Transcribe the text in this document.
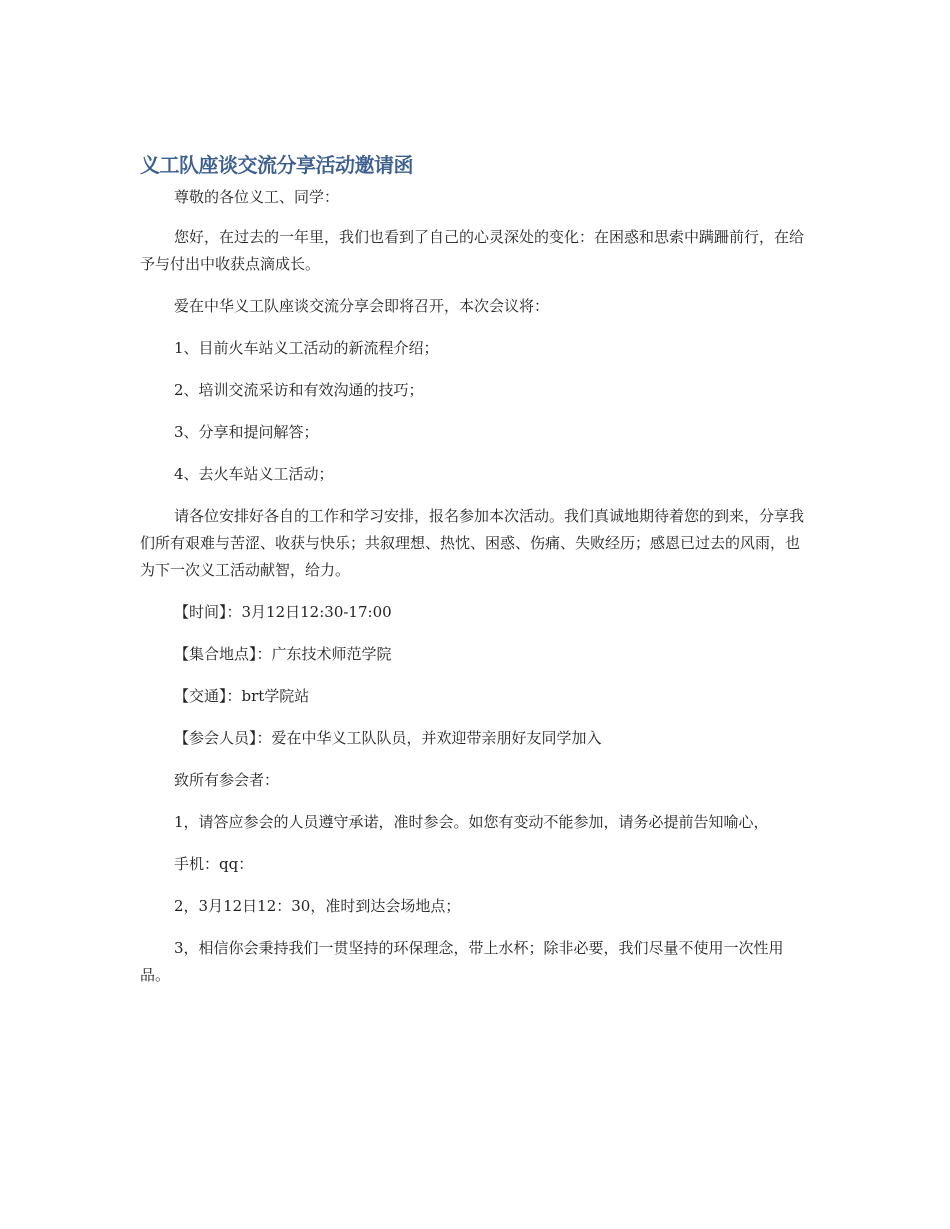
义工队座谈交流分享活动邀请函

尊敬的各位义工、同学：

您好，在过去的一年里，我们也看到了自己的心灵深处的变化：在困惑和思索中蹒跚前行，在给予与付出中收获点滴成长。

爱在中华义工队座谈交流分享会即将召开，本次会议将：

1、目前火车站义工活动的新流程介绍；

2、培训交流采访和有效沟通的技巧；

3、分享和提问解答；

4、去火车站义工活动；

请各位安排好各自的工作和学习安排，报名参加本次活动。我们真诚地期待着您的到来，分享我们所有艰难与苦涩、收获与快乐；共叙理想、热忱、困惑、伤痛、失败经历；感恩已过去的风雨，也为下一次义工活动献智，给力。

【时间】：3月12日12:30-17:00

【集合地点】：广东技术师范学院

【交通】：brt学院站

【参会人员】：爱在中华义工队队员，并欢迎带亲朋好友同学加入

致所有参会者：

1，请答应参会的人员遵守承诺，准时参会。如您有变动不能参加，请务必提前告知喻心，

手机：qq：

2，3月12日12：30，准时到达会场地点；

3，相信你会秉持我们一贯坚持的环保理念，带上水杯；除非必要，我们尽量不使用一次性用品。
